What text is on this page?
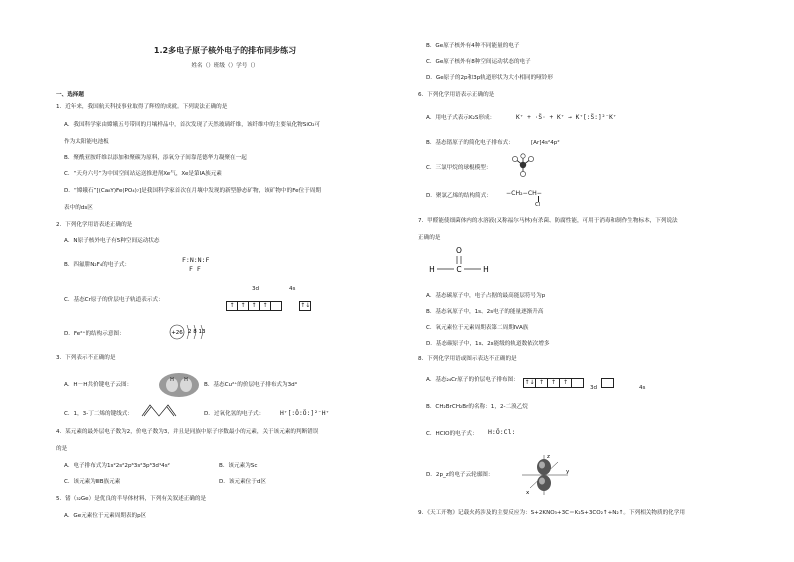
1.2多电子原子核外电子的排布同步练习
姓名（）班级（）学号（）
一、选择题
1．近年来，我国航天科技事业取得了辉煌的成就。下列说法正确的是
A．我国科学家由嫦娥五号带回的月壤样品中，首次发现了天然玻璃纤维，该纤维中的主要氧化物SiO₂可
作为太阳能电池板
B．聚酰亚胺纤维以添加和聚碳为原料，添氧分子间靠范德华力凝聚在一起
C．“天舟六号”为中国空间站运送推进剂Xe气，Xe是第ⅠA族元素
D．“嫦娥石”[(Ca₈Y)Fe(PO₄)₇]是我国科学家首次在月壤中发现的新型静态矿物，该矿物中的Fe位于周期
表中的ds区
2．下列化学用语表述正确的是
A．N原子核外电子有5种空间运动状态
B．四氟肼N₂F₄的电子式：
F:N:N:F
F F
C．基态Cr原子的价层电子轨道表示式：
3d	4s
↑ ↑ ↑ ↑	↑↓
D．Fe²⁺的结构示意图：	+26 2 8 13
3．下列表示不正确的是
A．H－H共价键电子云图：
H H
B．基态Cu²⁺的价层电子排布式为3d⁹
C．1，3-丁二烯的键线式：	D．过氧化氢的电子式：	H⁺[:Ö:Ö:]²⁻H⁺
4．某元素的最外层电子数为2，价电子数为3，并且是同族中原子序数最小的元素，关于该元素的判断错误
的是
A．电子排布式为1s²2s²2p⁶3s²3p⁶3d¹4s²	B．该元素为Sc
C．该元素为ⅢB族元素	D．该元素位于d区
5．锗（₃₂Ge）是优良的半导体材料，下列有关叙述正确的是
A．Ge元素位于元素周期表的p区
B．Ge原子核外有4种不同能量的电子
C．Ge原子核外有8种空间运动状态的电子
D．Ge原子的2p和3p轨道形状为大小相同的哑铃形
6．下列化学用语表示正确的是
A．用电子式表示K₂S形成：	K⁺ + ·S̈· + K⁺ → K⁺[:S̈:]²⁻K⁺
B．基态锗原子的简化电子排布式：	[Ar]4s²4p²
C．三氯甲烷的球棍模型：
D．聚氯乙烯的结构简式： −CH₂−CH−
Cl
7．甲醛能使细菌体内的水溶液(又称福尔马林)有杀菌、防腐性能，可用于消毒和制作生物标本，下列说法
正确的是
O
C
H	H
A．基态碳原子中，电子占据的最高能层符号为p
B．基态氧原子中，1s、2s电子的能量逐渐升高
C．氧元素位于元素周期表第二周期ⅣA族
D．基态碳原子中，1s、2s能级的轨道数依次增多
8．下列化学用语或图示表达不正确的是
A．基态₂₄Cr原子的价层电子排布图： ↑↓ ↑ ↑ ↑
3d	4s
B．CH₂BrCH₂Br的名称：1，2-二溴乙烷
C．HClO的电子式： H:Ö:Cl:
D．2p_z的电子云轮廓图：
z
y
x
9．《天工开物》记载火药涉及的主要反应为：S+2KNO₃+3C＝K₂S+3CO₂↑+N₂↑。下列相关物质的化学用
